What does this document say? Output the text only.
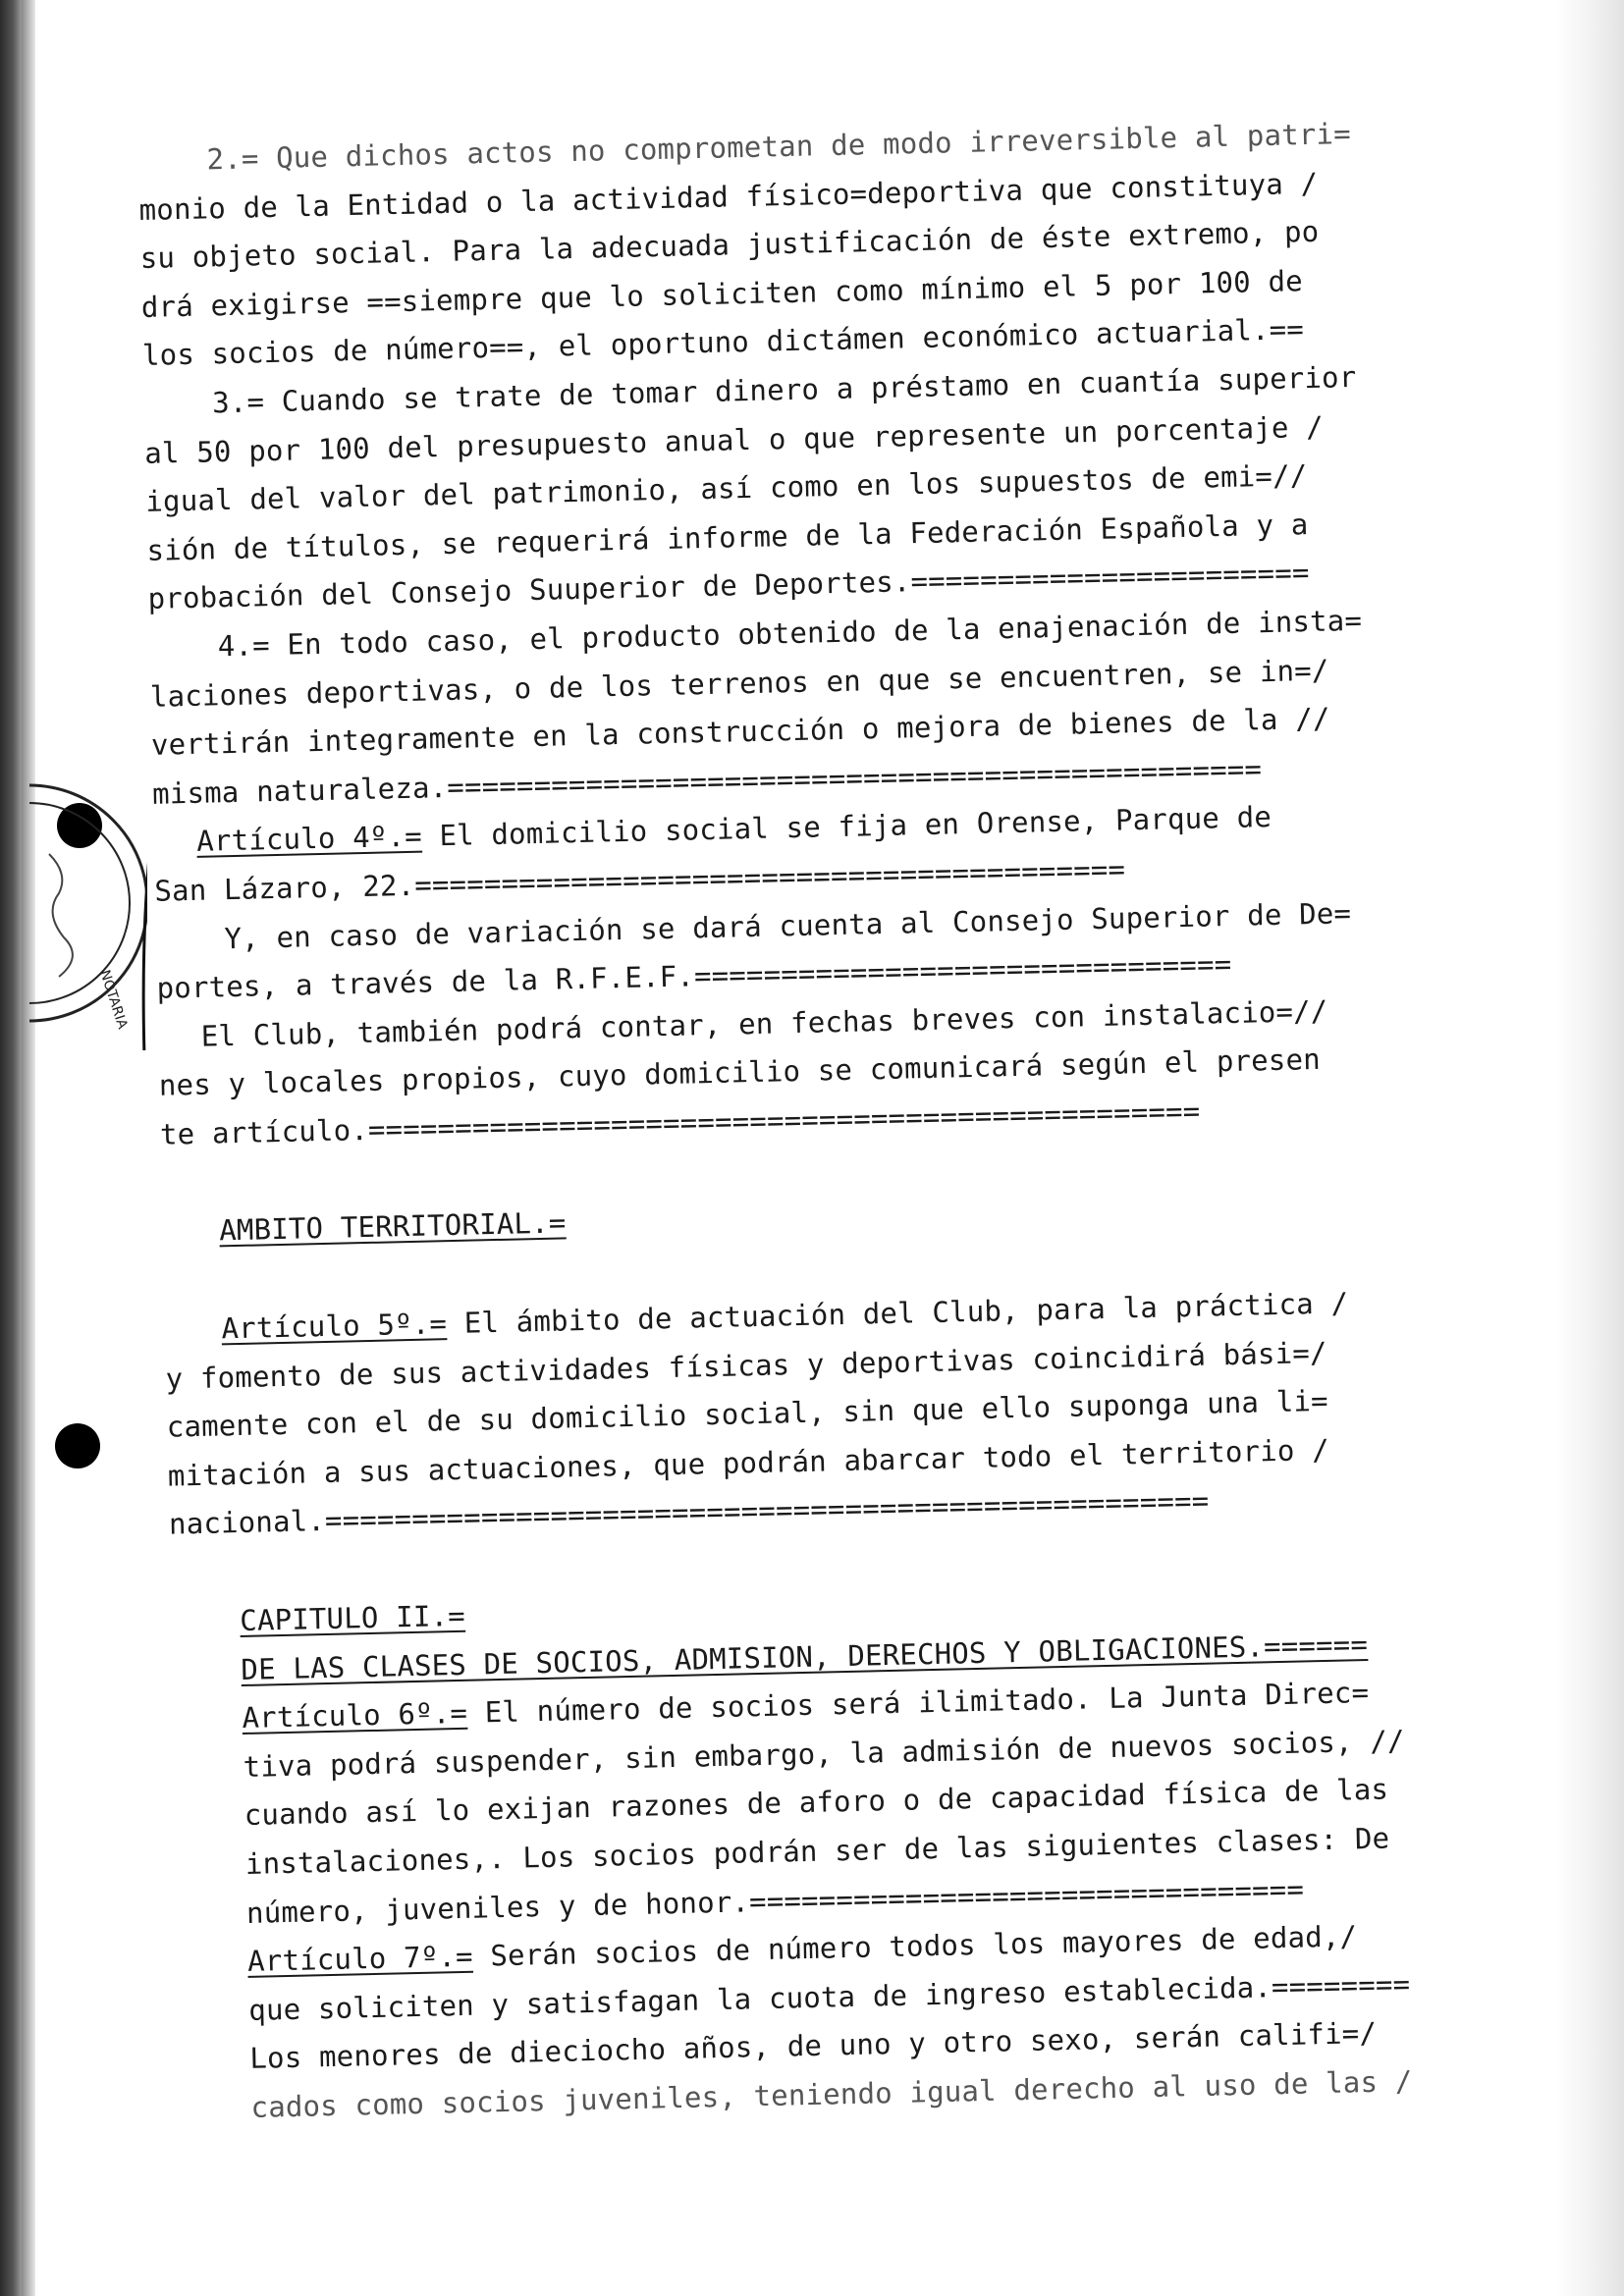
NOTARIA
2.= Que dichos actos no comprometan de modo irreversible al patri=
monio de la Entidad o la actividad físico=deportiva que constituya /
su objeto social. Para la adecuada justificación de éste extremo, po
drá exigirse ==siempre que lo soliciten como mínimo el 5 por 100 de
los socios de número==, el oportuno dictámen económico actuarial.==
3.= Cuando se trate de tomar dinero a préstamo en cuantía superior
al 50 por 100 del presupuesto anual o que represente un porcentaje /
igual del valor del patrimonio, así como en los supuestos de emi=//
sión de títulos, se requerirá informe de la Federación Española y a
probación del Consejo Suuperior de Deportes.=======================
4.= En todo caso, el producto obtenido de la enajenación de insta=
laciones deportivas, o de los terrenos en que se encuentren, se in=/
vertirán integramente en la construcción o mejora de bienes de la //
misma naturaleza.===============================================
Artículo 4º.= El domicilio social se fija en Orense, Parque de
San Lázaro, 22.=========================================
Y, en caso de variación se dará cuenta al Consejo Superior de De=
portes, a través de la R.F.E.F.===============================
El Club, también podrá contar, en fechas breves con instalacio=//
nes y locales propios, cuyo domicilio se comunicará según el presen
te artículo.================================================
AMBITO TERRITORIAL.=
Artículo 5º.= El ámbito de actuación del Club, para la práctica /
y fomento de sus actividades físicas y deportivas coincidirá bási=/
camente con el de su domicilio social, sin que ello suponga una li=
mitación a sus actuaciones, que podrán abarcar todo el territorio /
nacional.===================================================
CAPITULO II.=
DE LAS CLASES DE SOCIOS, ADMISION, DERECHOS Y OBLIGACIONES.======
Artículo 6º.= El número de socios será ilimitado. La Junta Direc=
tiva podrá suspender, sin embargo, la admisión de nuevos socios, //
cuando así lo exijan razones de aforo o de capacidad física de las
instalaciones,. Los socios podrán ser de las siguientes clases: De
número, juveniles y de honor.================================
Artículo 7º.= Serán socios de número todos los mayores de edad,/
que soliciten y satisfagan la cuota de ingreso establecida.========
Los menores de dieciocho años, de uno y otro sexo, serán califi=/
cados como socios juveniles, teniendo igual derecho al uso de las /
